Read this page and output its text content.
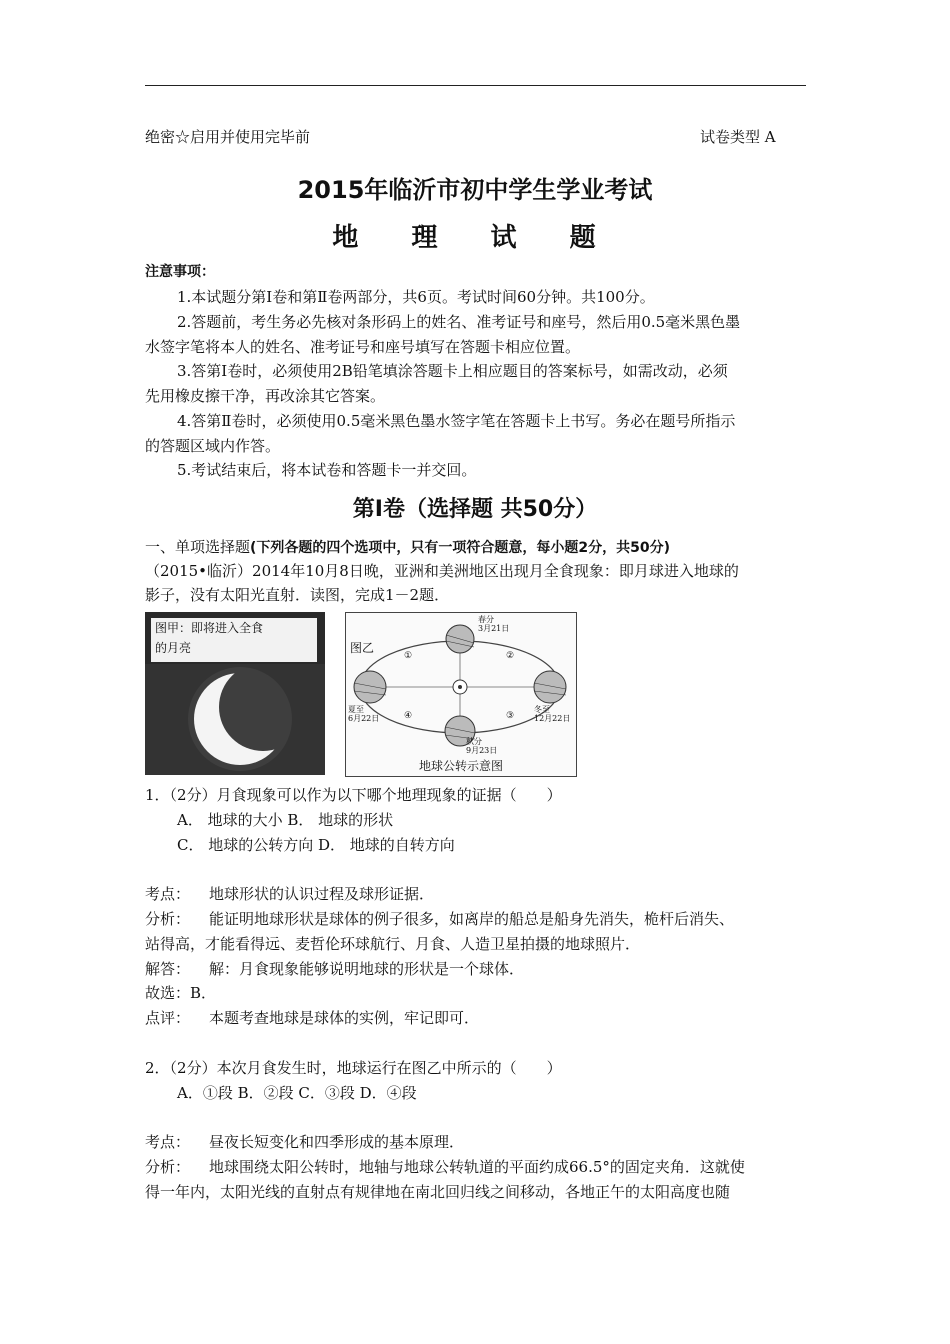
绝密☆启用并使用完毕前	试卷类型 A
2015年临沂市初中学生学业考试
地 理 试 题
注意事项：
1.本试题分第Ⅰ卷和第Ⅱ卷两部分，共6页。考试时间60分钟。共100分。
2.答题前，考生务必先核对条形码上的姓名、准考证号和座号，然后用0.5毫米黑色墨
水签字笔将本人的姓名、准考证号和座号填写在答题卡相应位置。
3.答第Ⅰ卷时，必须使用2B铅笔填涂答题卡上相应题目的答案标号，如需改动，必须
先用橡皮擦干净，再改涂其它答案。
4.答第Ⅱ卷时，必须使用0.5毫米黑色墨水签字笔在答题卡上书写。务必在题号所指示
的答题区域内作答。
5.考试结束后，将本试卷和答题卡一并交回。
第Ⅰ卷（选择题 共50分）
一、单项选择题(下列各题的四个选项中，只有一项符合题意，每小题2分，共50分)
（2015•临沂）2014年10月8日晚，亚洲和美洲地区出现月全食现象：即月球进入地球的
影子，没有太阳光直射．读图，完成1－2题．
图乙
春分
3月21日
夏至
6月22日
秋分
9月23日
冬至
12月22日
①	②
③
④
地球公转示意图
1．（2分）月食现象可以作为以下哪个地理现象的证据（　　）
A． 地球的大小 B． 地球的形状
C． 地球的公转方向 D． 地球的自转方向
考点： 地球形状的认识过程及球形证据．
分析： 能证明地球形状是球体的例子很多，如离岸的船总是船身先消失，桅杆后消失、
站得高，才能看得远、麦哲伦环球航行、月食、人造卫星拍摄的地球照片．
解答： 解：月食现象能够说明地球的形状是一个球体．
故选：B．
点评： 本题考查地球是球体的实例，牢记即可．
2．（2分）本次月食发生时，地球运行在图乙中所示的（　　）
A．①段 B．②段 C．③段 D．④段
考点： 昼夜长短变化和四季形成的基本原理．
分析： 地球围绕太阳公转时，地轴与地球公转轨道的平面约成66.5°的固定夹角．这就使
得一年内，太阳光线的直射点有规律地在南北回归线之间移动，各地正午的太阳高度也随
